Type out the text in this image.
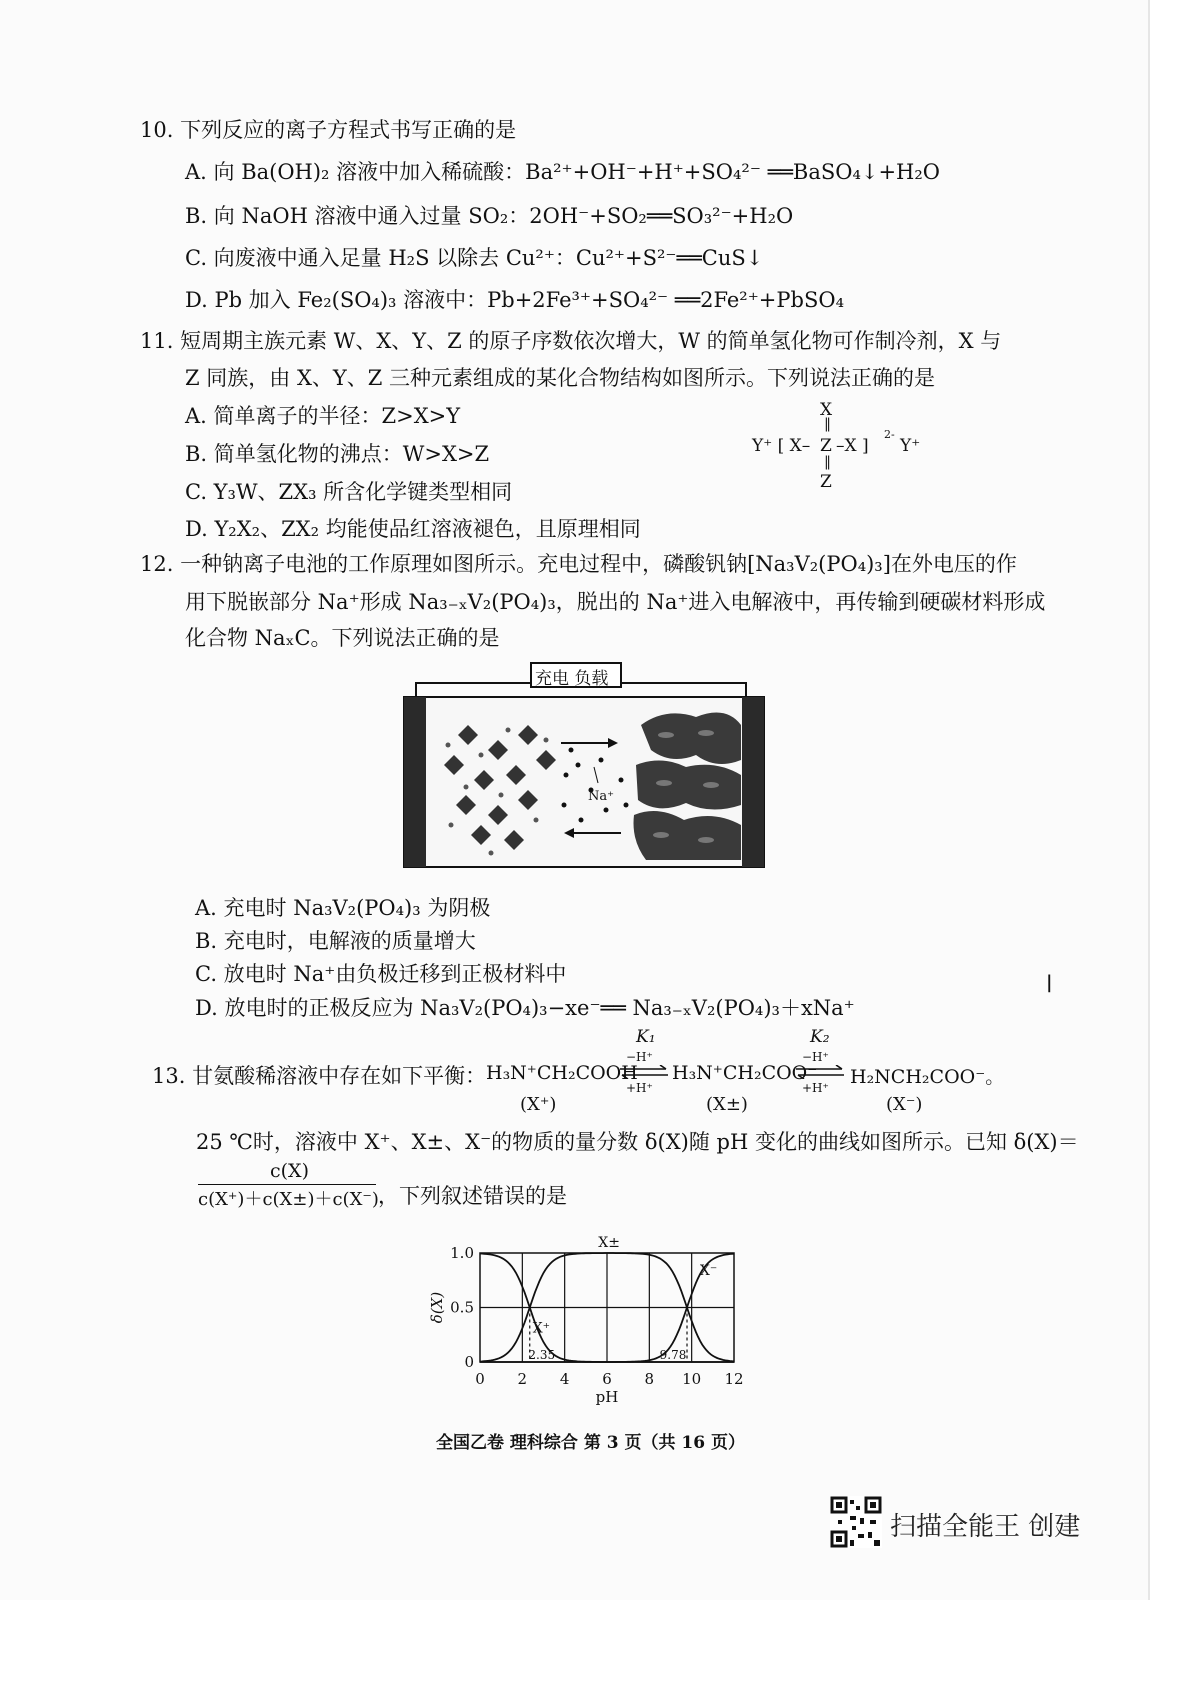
10. 下列反应的离子方程式书写正确的是
A. 向 Ba(OH)₂ 溶液中加入稀硫酸：Ba²⁺+OH⁻+H⁺+SO₄²⁻ ══BaSO₄↓+H₂O
B. 向 NaOH 溶液中通入过量 SO₂：2OH⁻+SO₂══SO₃²⁻+H₂O
C. 向废液中通入足量 H₂S 以除去 Cu²⁺：Cu²⁺+S²⁻══CuS↓
D. Pb 加入 Fe₂(SO₄)₃ 溶液中：Pb+2Fe³⁺+SO₄²⁻ ══2Fe²⁺+PbSO₄
11. 短周期主族元素 W、X、Y、Z 的原子序数依次增大，W 的简单氢化物可作制冷剂，X 与
Z 同族，由 X、Y、Z 三种元素组成的某化合物结构如图所示。下列说法正确的是
A. 简单离子的半径：Z>X>Y
B. 简单氢化物的沸点：W>X>Z
C. Y₃W、ZX₃ 所含化学键类型相同
D. Y₂X₂、ZX₂ 均能使品红溶液褪色，且原理相同
X
‖
Y⁺ [ X– Z –X ]
2-
Y⁺
‖
Z
12. 一种钠离子电池的工作原理如图所示。充电过程中，磷酸钒钠[Na₃V₂(PO₄)₃]在外电压的作
用下脱嵌部分 Na⁺形成 Na₃₋ₓV₂(PO₄)₃，脱出的 Na⁺进入电解液中，再传输到硬碳材料形成
化合物 NaₓC。下列说法正确的是
Na⁺
充电 负载
A. 充电时 Na₃V₂(PO₄)₃ 为阴极
B. 充电时，电解液的质量增大
C. 放电时 Na⁺由负极迁移到正极材料中
D. 放电时的正极反应为 Na₃V₂(PO₄)₃−xe⁻══ Na₃₋ₓV₂(PO₄)₃＋xNa⁺
|
13. 甘氨酸稀溶液中存在如下平衡： H₃N⁺CH₂COOH
K₁
−H⁺
+H⁺
H₃N⁺CH₂COO⁻
K₂
−H⁺
+H⁺ H₂NCH₂COO⁻。
(X⁺)	(X±)	(X⁻)
25 ℃时，溶液中 X⁺、X±、X⁻的物质的量分数 δ(X)随 pH 变化的曲线如图所示。已知 δ(X)＝
c(X)
c(X⁺)＋c(X±)＋c(X⁻) ，下列叙述错误的是
0 2 4 6 8 10 12
0
0.5
1.0
pH
δ(X)
X⁺
X±
X⁻
2.35	9.78
全国乙卷 理科综合 第 3 页（共 16 页）
扫描全能王 创建
